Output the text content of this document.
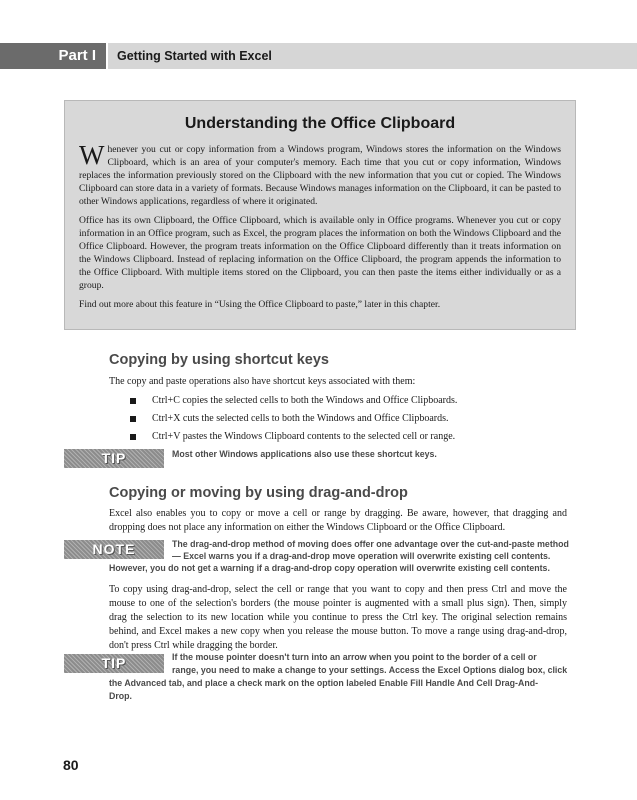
Part I	Getting Started with Excel
Understanding the Office Clipboard

Whenever you cut or copy information from a Windows program, Windows stores the information on the Windows Clipboard, which is an area of your computer's memory. Each time that you cut or copy information, Windows replaces the information previously stored on the Clipboard with the new information that you cut or copied. The Windows Clipboard can store data in a variety of formats. Because Windows manages information on the Clipboard, it can be pasted to other Windows applications, regardless of where it originated.

Office has its own Clipboard, the Office Clipboard, which is available only in Office programs. Whenever you cut or copy information in an Office program, such as Excel, the program places the information on both the Windows Clipboard and the Office Clipboard. However, the program treats information on the Office Clipboard differently than it treats information on the Windows Clipboard. Instead of replacing information on the Office Clipboard, the program appends the information to the Office Clipboard. With multiple items stored on the Clipboard, you can then paste the items either individually or as a group.

Find out more about this feature in “Using the Office Clipboard to paste,” later in this chapter.

Copying by using shortcut keys

The copy and paste operations also have shortcut keys associated with them:

Ctrl+C copies the selected cells to both the Windows and Office Clipboards.
Ctrl+X cuts the selected cells to both the Windows and Office Clipboards.
Ctrl+V pastes the Windows Clipboard contents to the selected cell or range.
TIP	Most other Windows applications also use these shortcut keys.

Copying or moving by using drag-and-drop

Excel also enables you to copy or move a cell or range by dragging. Be aware, however, that dragging and dropping does not place any information on either the Windows Clipboard or the Office Clipboard.

NOTE	The drag-and-drop method of moving does offer one advantage over the cut-and-paste method

— Excel warns you if a drag-and-drop move operation will overwrite existing cell contents.

However, you do not get a warning if a drag-and-drop copy operation will overwrite existing cell contents.

To copy using drag-and-drop, select the cell or range that you want to copy and then press Ctrl and move the mouse to one of the selection's borders (the mouse pointer is augmented with a small plus sign). Then, simply drag the selection to its new location while you continue to press the Ctrl key. The original selection remains behind, and Excel makes a new copy when you release the mouse button. To move a range using drag-and-drop, don't press Ctrl while dragging the border.

TIP	If the mouse pointer doesn't turn into an arrow when you point to the border of a cell or

range, you need to make a change to your settings. Access the Excel Options dialog box, click

the Advanced tab, and place a check mark on the option labeled Enable Fill Handle And Cell Drag-And-

Drop.

80
